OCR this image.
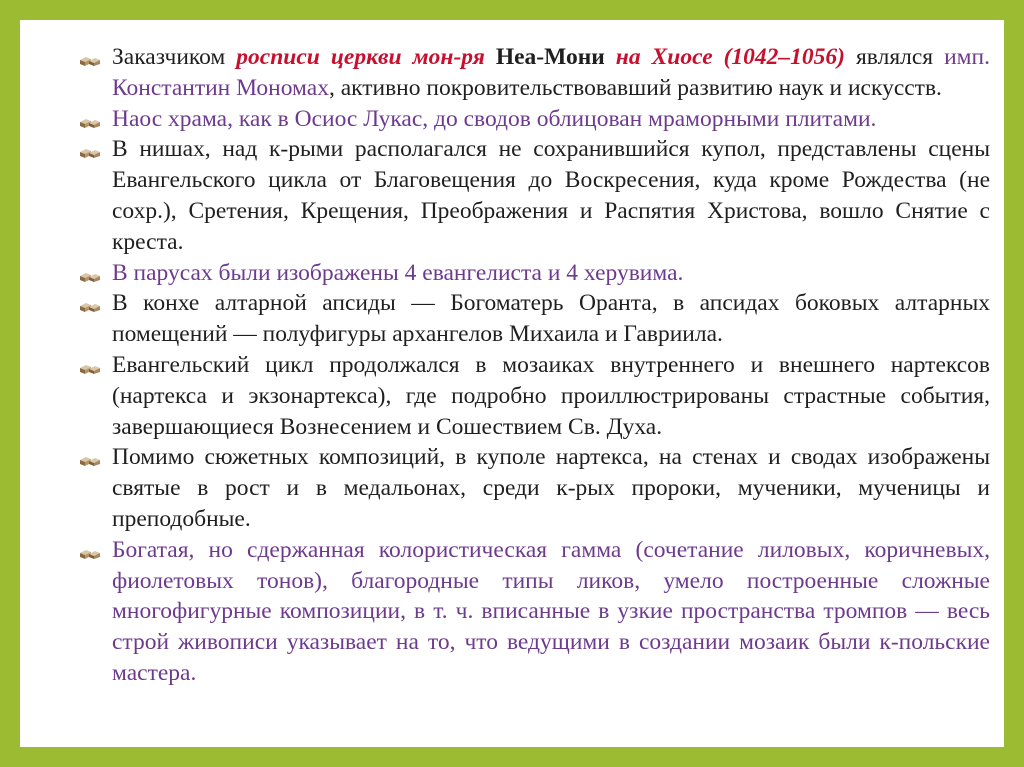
Заказчиком росписи церкви мон-ря Неа-Мони на Хиосе (1042–1056) являлся имп. Константин Мономах, активно покровительствовавший развитию наук и искусств.
Наос храма, как в Осиос Лукас, до сводов облицован мраморными плитами.
В нишах, над к-рыми располагался не сохранившийся купол, представлены сцены Евангельского цикла от Благовещения до Воскресения, куда кроме Рождества (не сохр.), Сретения, Крещения, Преображения и Распятия Христова, вошло Снятие с креста.
В парусах были изображены 4 евангелиста и 4 херувима.
В конхе алтарной апсиды — Богоматерь Оранта, в апсидах боковых алтарных помещений — полуфигуры архангелов Михаила и Гавриила.
Евангельский цикл продолжался в мозаиках внутреннего и внешнего нартексов (нартекса и экзонартекса), где подробно проиллюстрированы страстные события, завершающиеся Вознесением и Сошествием Св. Духа.
Помимо сюжетных композиций, в куполе нартекса, на стенах и сводах изображены святые в рост и в медальонах, среди к-рых пророки, мученики, мученицы и преподобные.
Богатая, но сдержанная колористическая гамма (сочетание лиловых, коричневых, фиолетовых тонов), благородные типы ликов, умело построенные сложные многофигурные композиции, в т. ч. вписанные в узкие пространства тромпов — весь строй живописи указывает на то, что ведущими в создании мозаик были к-польские мастера.
